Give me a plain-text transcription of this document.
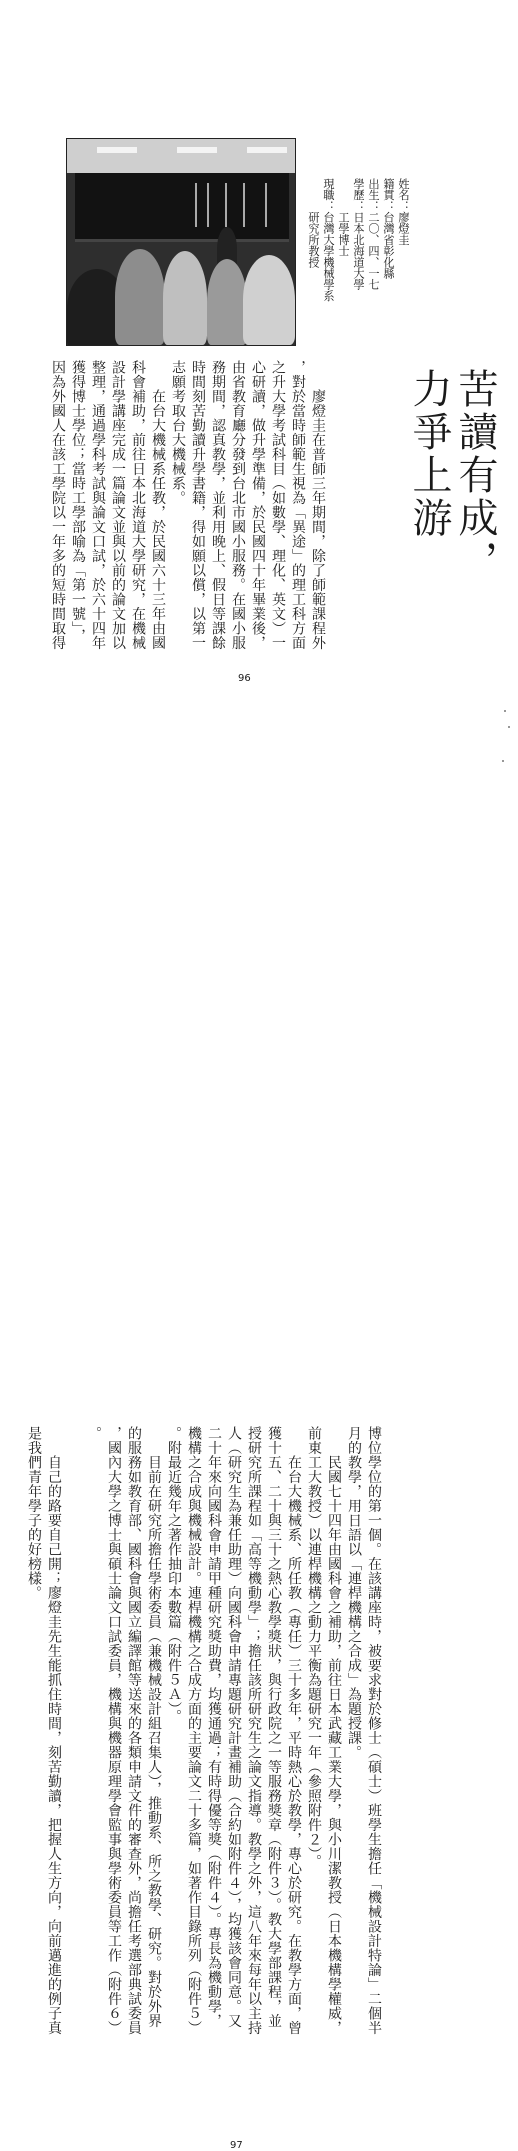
姓名：廖燈圭
籍貫：台灣省彰化縣
出生：二〇、四、一七
學歷：日本北海道大學
　　　工學博士
現職：台灣大學機械學系
　　　研究所教授
苦讀有成，
力爭上游
　　廖燈圭在普師三年期間，除了師範課程外
，對於當時師範生視為「異途」的理工科方面
之升大學考試科目（如數學、理化、英文）一
心研讀，做升學準備，於民國四十年畢業後，
由省教育廳分發到台北市國小服務。在國小服
務期間，認真教學，並利用晚上、假日等課餘
時間刻苦勤讀升學書籍，得如願以償，以第一
志願考取台大機械系。
　　在台大機械系任教，於民國六十三年由國
科會補助，前往日本北海道大學研究，在機械
設計學講座完成一篇論文並與以前的論文加以
整理，通過學科考試與論文口試，於六十四年
獲得博士學位；當時工學部喻為「第一號」，
因為外國人在該工學院以一年多的短時間取得
96
博位學位的第一個。在該講座時，被要求對於修士（碩士）班學生擔任「機械設計特論」二個半
月的教學，用日語以「連桿機構之合成」為題授課。
　　民國七十四年由國科會之補助，前往日本武藏工業大學，與小川潔教授（日本機構學權威，
前東工大教授）以連桿機構之動力平衡為題研究一年（參照附件２）。
　　在台大機械系、所任教（專任）三十多年，平時熱心於教學，專心於研究。在教學方面，曾
獲十五、二十與三十之熱心教學獎狀，與行政院之一等服務獎章（附件３）。教大學部課程，並
授研究所課程如「高等機動學」；擔任該所研究生之論文指導。教學之外，這八年來每年以主持
人（研究生為兼任助理）向國科會申請專題研究計畫補助（合約如附件４），均獲該會同意。又
二十年來向國科會申請甲種研究獎助費，均獲通過；有時得優等獎（附件４）。專長為機動學，
機構之合成與機械設計。連桿機構之合成方面的主要論文二十多篇，如著作目錄所列（附件５）
。附最近幾年之著作抽印本數篇（附件５Ａ）。
　　目前在研究所擔任學術委員（兼機械設計組召集人），推動系、所之教學、研究。對於外界
的服務如教育部、國科會與國立編譯館等送來的各類申請文件的審查外，尚擔任考選部典試委員
，國內大學之博士與碩士論文口試委員，機構與機器原理學會監事與學術委員等工作（附件６）
。

　　自己的路要自己開；廖燈圭先生能抓住時間，刻苦勤讀，把握人生方向，向前邁進的例子真
是我們青年學子的好榜樣。
97
